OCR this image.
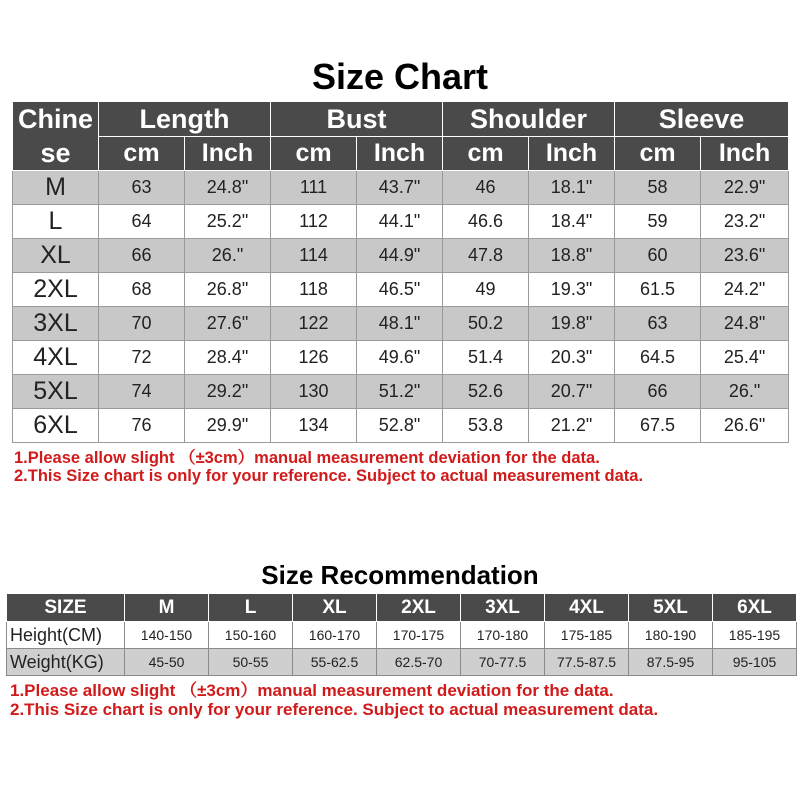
Size Chart
Chinese	Length		Bust		Shoulder		Sleeve	
	cm	Inch	cm	Inch	cm	Inch	cm	Inch
M	63	24.8"	111	43.7"	46	18.1"	58	22.9"
L	64	25.2"	112	44.1"	46.6	18.4"	59	23.2"
XL	66	26."	114	44.9"	47.8	18.8"	60	23.6"
2XL	68	26.8"	118	46.5"	49	19.3"	61.5	24.2"
3XL	70	27.6"	122	48.1"	50.2	19.8"	63	24.8"
4XL	72	28.4"	126	49.6"	51.4	20.3"	64.5	25.4"
5XL	74	29.2"	130	51.2"	52.6	20.7"	66	26."
6XL	76	29.9"	134	52.8"	53.8	21.2"	67.5	26.6"
1.Please allow slight （±3cm）manual measurement deviation for the data.
2.This Size chart is only for your reference. Subject to actual measurement data.
Size Recommendation
SIZE	M	L	XL	2XL	3XL	4XL	5XL	6XL
Height(CM)	140-150	150-160	160-170	170-175	170-180	175-185	180-190	185-195
Weight(KG)	45-50	50-55	55-62.5	62.5-70	70-77.5	77.5-87.5	87.5-95	95-105
1.Please allow slight （±3cm）manual measurement deviation for the data.
2.This Size chart is only for your reference. Subject to actual measurement data.
